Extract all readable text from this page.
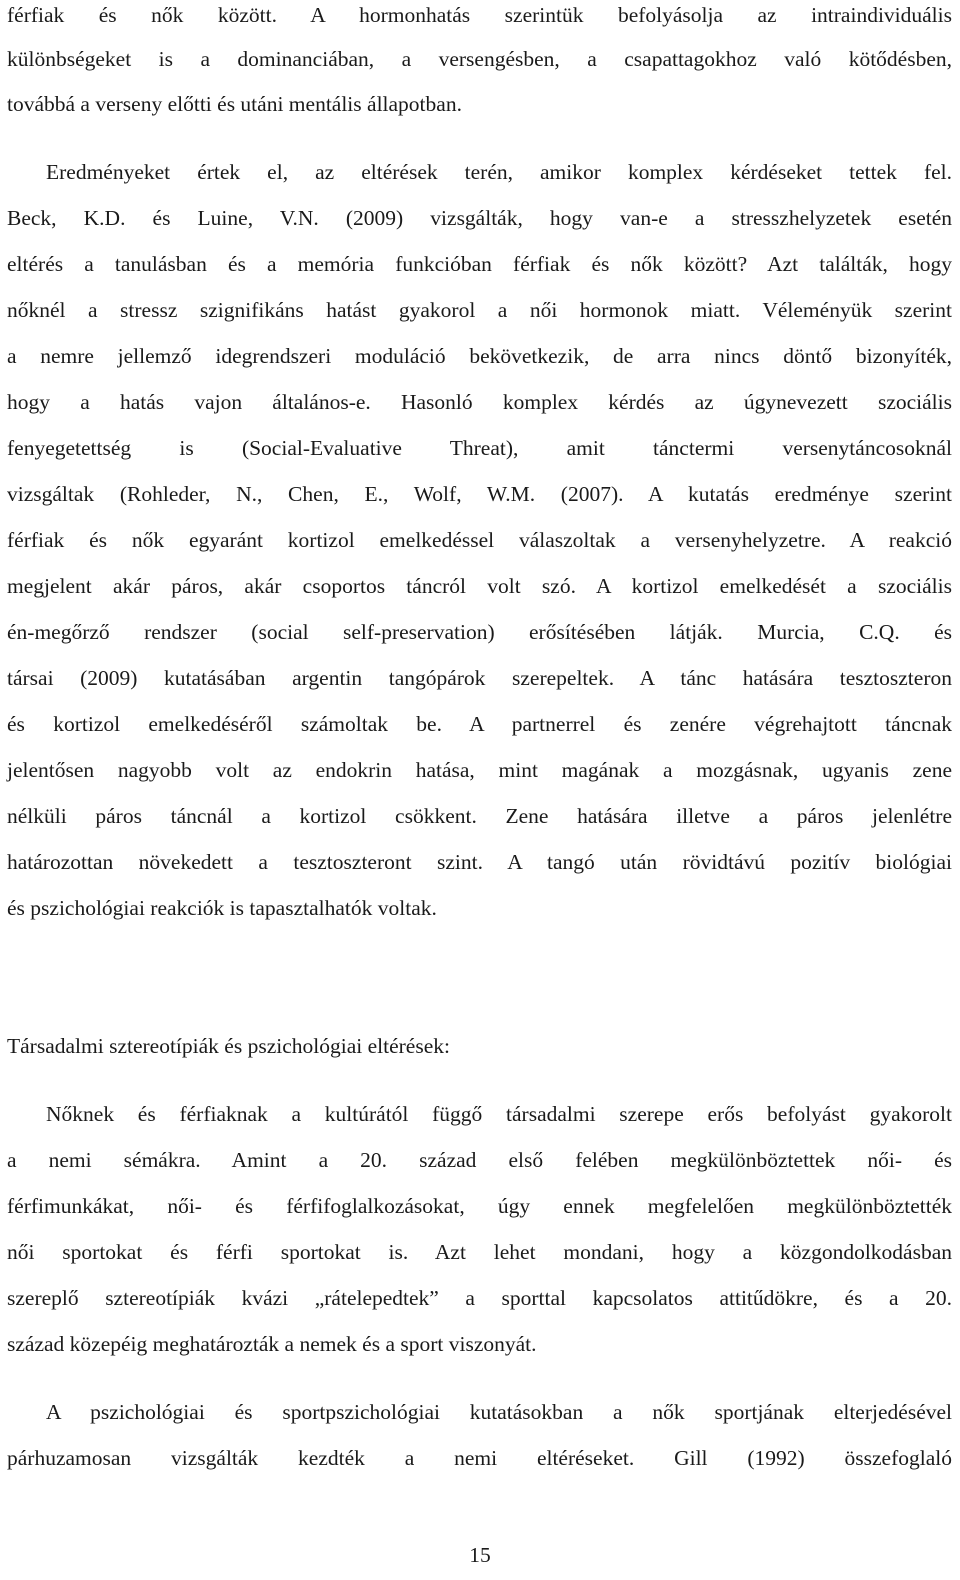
férfiak és nők között. A hormonhatás szerintük befolyásolja az intraindividuális
különbségeket is a dominanciában, a versengésben, a csapattagokhoz való kötődésben,
továbbá a verseny előtti és utáni mentális állapotban.
Eredményeket értek el, az eltérések terén, amikor komplex kérdéseket tettek fel.
Beck, K.D. és Luine, V.N. (2009) vizsgálták, hogy van-e a stresszhelyzetek esetén
eltérés a tanulásban és a memória funkcióban férfiak és nők között? Azt találták, hogy
nőknél a stressz szignifikáns hatást gyakorol a női hormonok miatt. Véleményük szerint
a nemre jellemző idegrendszeri moduláció bekövetkezik, de arra nincs döntő bizonyíték,
hogy a hatás vajon általános-e. Hasonló komplex kérdés az úgynevezett szociális
fenyegetettség is (Social-Evaluative Threat), amit tánctermi versenytáncosoknál
vizsgáltak (Rohleder, N., Chen, E., Wolf, W.M. (2007). A kutatás eredménye szerint
férfiak és nők egyaránt kortizol emelkedéssel válaszoltak a versenyhelyzetre. A reakció
megjelent akár páros, akár csoportos táncról volt szó. A kortizol emelkedését a szociális
én-megőrző rendszer (social self-preservation) erősítésében látják. Murcia, C.Q. és
társai (2009) kutatásában argentin tangópárok szerepeltek. A tánc hatására tesztoszteron
és kortizol emelkedéséről számoltak be. A partnerrel és zenére végrehajtott táncnak
jelentősen nagyobb volt az endokrin hatása, mint magának a mozgásnak, ugyanis zene
nélküli páros táncnál a kortizol csökkent. Zene hatására illetve a páros jelenlétre
határozottan növekedett a tesztoszteront szint. A tangó után rövidtávú pozitív biológiai
és pszichológiai reakciók is tapasztalhatók voltak.
Társadalmi sztereotípiák és pszichológiai eltérések:
Nőknek és férfiaknak a kultúrától függő társadalmi szerepe erős befolyást gyakorolt
a nemi sémákra. Amint a 20. század első felében megkülönböztettek női- és
férfimunkákat, női- és férfifoglalkozásokat, úgy ennek megfelelően megkülönböztették
női sportokat és férfi sportokat is. Azt lehet mondani, hogy a közgondolkodásban
szereplő sztereotípiák kvázi „rátelepedtek” a sporttal kapcsolatos attitűdökre, és a 20.
század közepéig meghatározták a nemek és a sport viszonyát.
A pszichológiai és sportpszichológiai kutatásokban a nők sportjának elterjedésével
párhuzamosan vizsgálták kezdték a nemi eltéréseket. Gill (1992) összefoglaló
15
